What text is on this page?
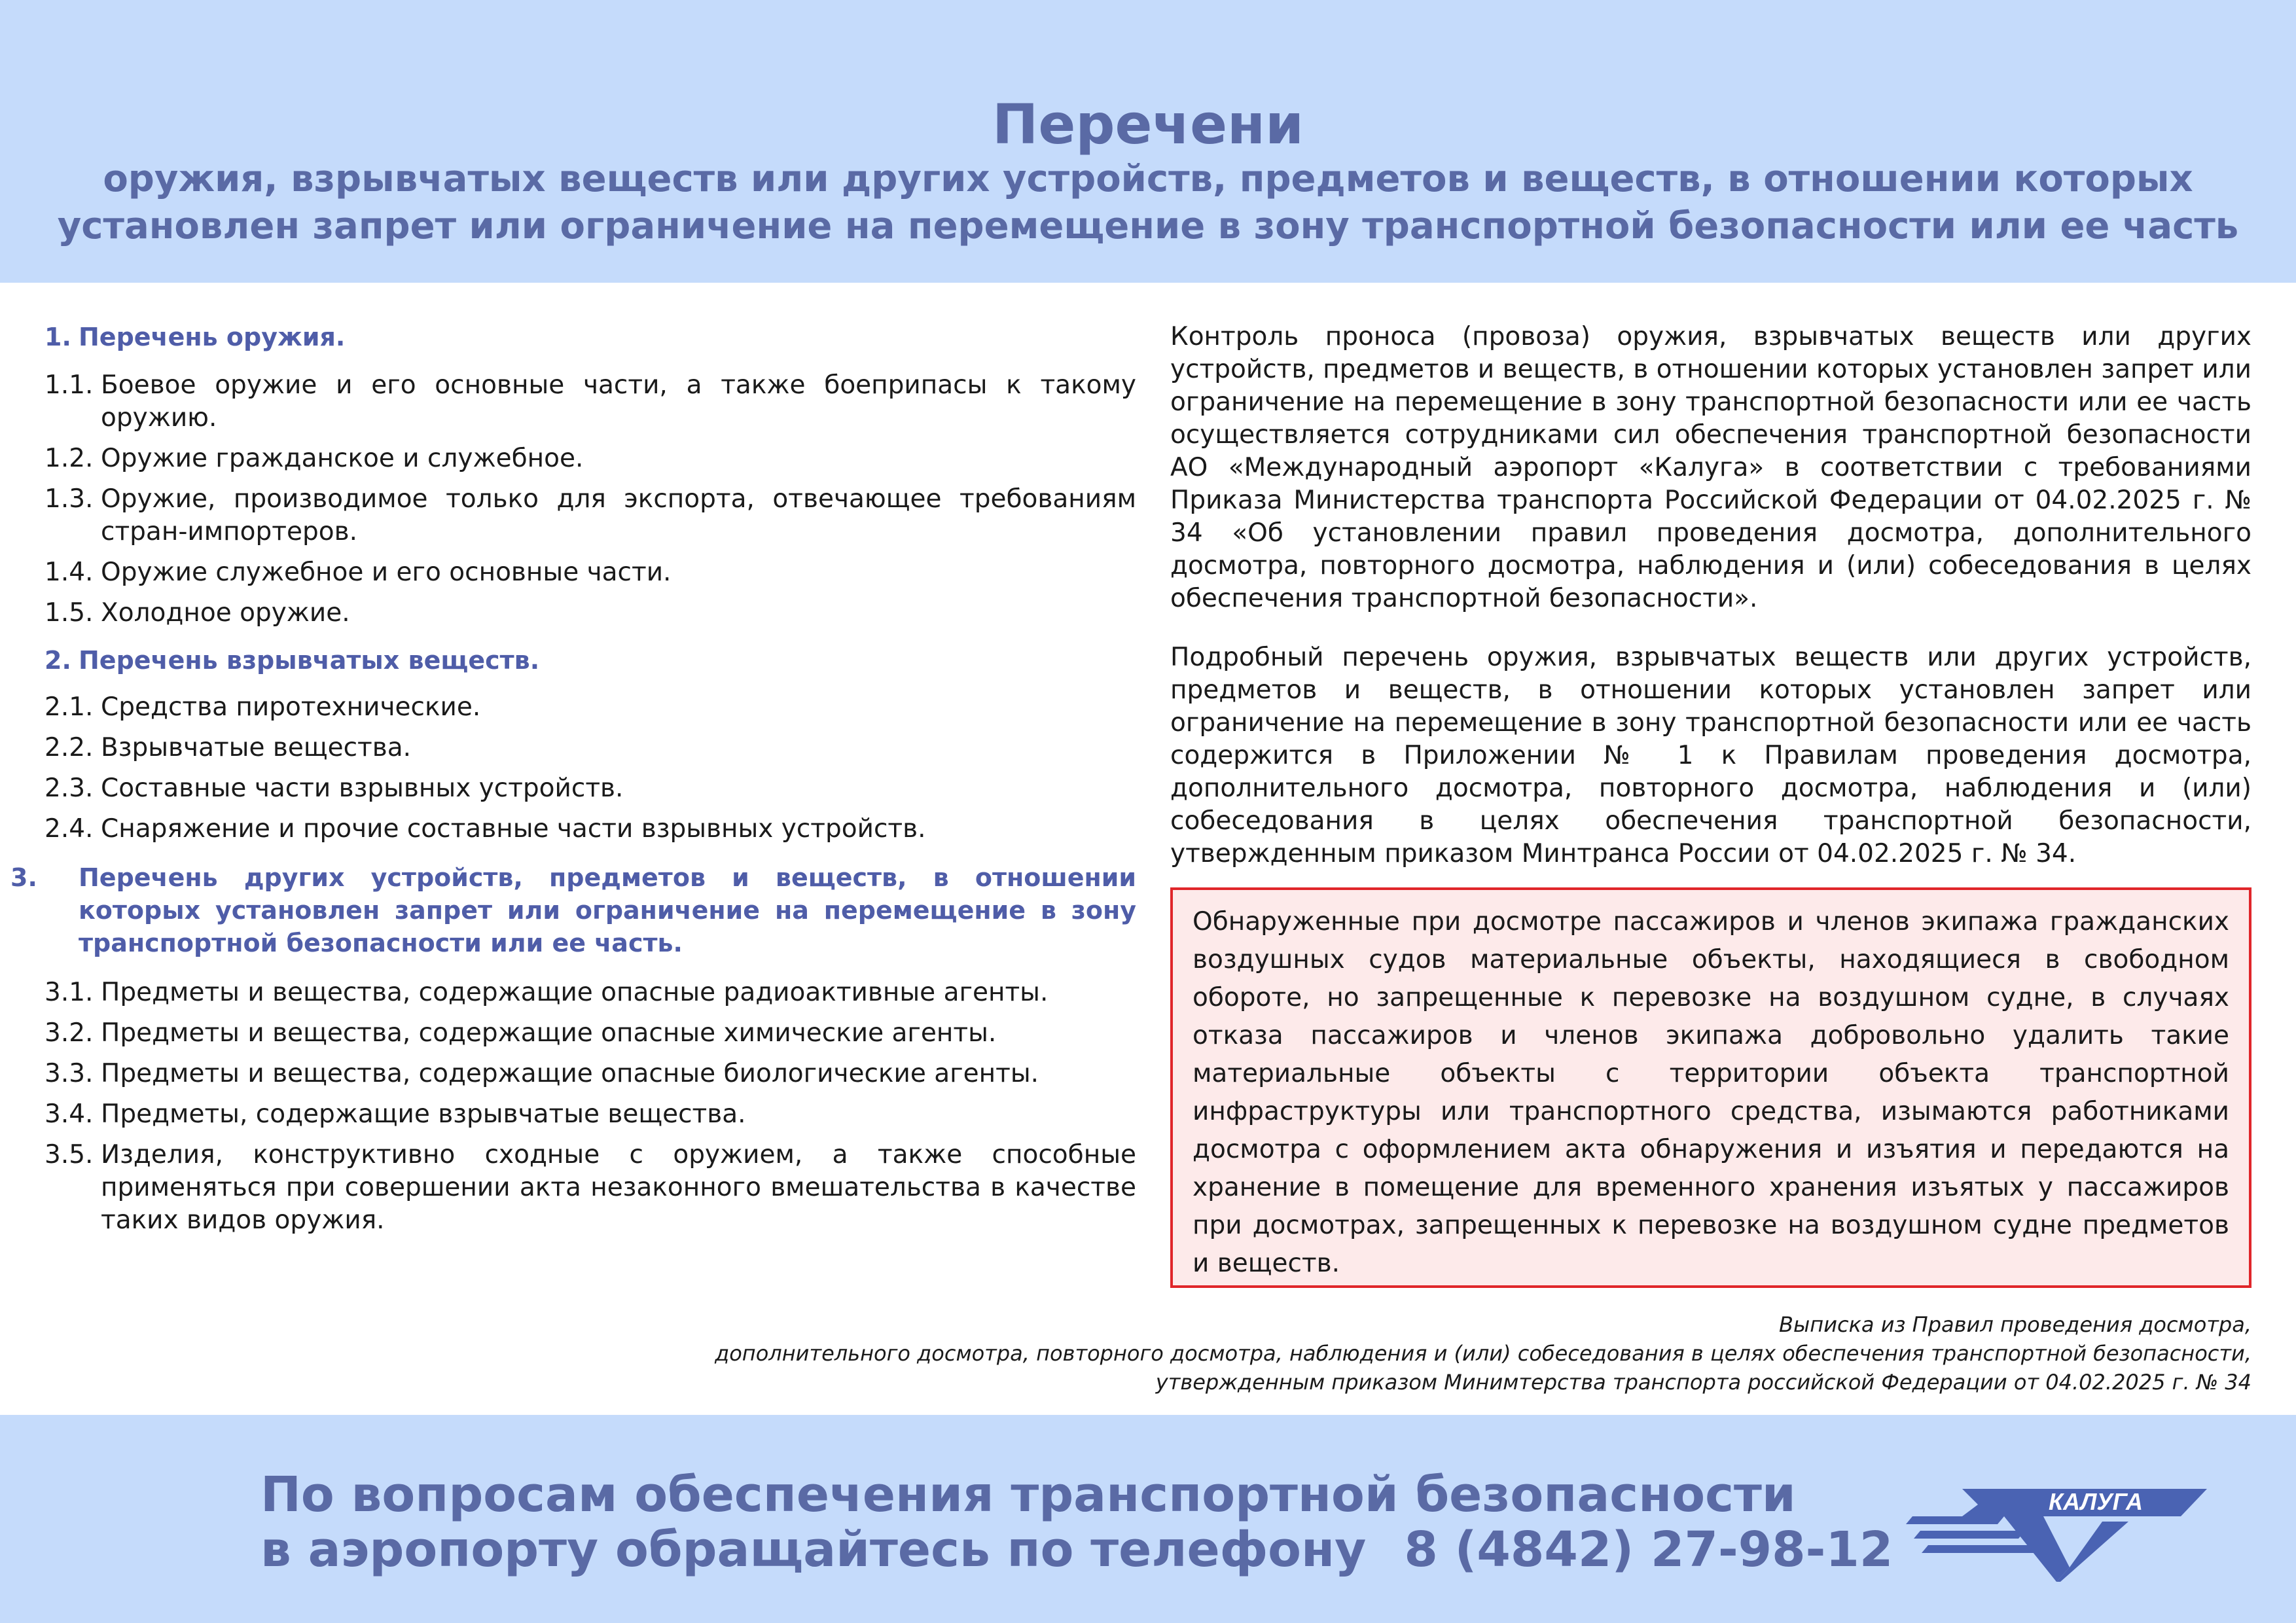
Перечени
оружия, взрывчатых веществ или других устройств, предметов и веществ, в отношении которых
установлен запрет или ограничение на перемещение в зону транспортной безопасности или ее часть

1. Перечень оружия.

1.1. Боевое оружие и его основные части, а также боеприпасы к такому оружию.
1.2. Оружие гражданское и служебное.
1.3. Оружие, производимое только для экспорта, отвечающее требованиям стран-импортеров.
1.4. Оружие служебное и его основные части.
1.5. Холодное оружие.

2. Перечень взрывчатых веществ.

2.1. Средства пиротехнические.
2.2. Взрывчатые вещества.
2.3. Составные части взрывных устройств.
2.4. Снаряжение и прочие составные части взрывных устройств.

3. Перечень других устройств, предметов и веществ, в отношении которых установлен запрет или ограничение на перемещение в зону транспортной безопасности или ее часть.

3.1. Предметы и вещества, содержащие опасные радиоактивные агенты.
3.2. Предметы и вещества, содержащие опасные химические агенты.
3.3. Предметы и вещества, содержащие опасные биологические агенты.
3.4. Предметы, содержащие взрывчатые вещества.
3.5. Изделия, конструктивно сходные с оружием, а также способные применяться при совершении акта незаконного вмешательства в качестве таких видов оружия.

Контроль проноса (провоза) оружия, взрывчатых веществ или других устройств, предметов и веществ, в отношении которых установлен запрет или ограничение на перемещение в зону транспортной безопасности или ее часть осуществляется сотрудниками сил обеспечения транспортной безопасности АО «Международный аэропорт «Калуга» в соответствии с требованиями Приказа Министерства транспорта Российской Федерации от 04.02.2025 г. № 34 «Об установлении правил проведения досмотра, дополнительного досмотра, повторного досмотра, наблюдения и (или) собеседования в целях обеспечения транспортной безопасности».

Подробный перечень оружия, взрывчатых веществ или других устройств, предметов и веществ, в отношении которых установлен запрет или ограничение на перемещение в зону транспортной безопасности или ее часть содержится в Приложении № 1 к Правилам проведения досмотра, дополнительного досмотра, повторного досмотра, наблюдения и (или) собеседования в целях обеспечения транспортной безопасности, утвержденным приказом Минтранса России от 04.02.2025 г. № 34.

Обнаруженные при досмотре пассажиров и членов экипажа гражданских воздушных судов материальные объекты, находящиеся в свободном обороте, но запрещенные к перевозке на воздушном судне, в случаях отказа пассажиров и членов экипажа добровольно удалить такие материальные объекты с территории объекта транспортной инфраструктуры или транспортного средства, изымаются работниками досмотра с оформлением акта обнаружения и изъятия и передаются на хранение в помещение для временного хранения изъятых у пассажиров при досмотрах, запрещенных к перевозке на воздушном судне предметов и веществ.

Выписка из Правил проведения досмотра,
дополнительного досмотра, повторного досмотра, наблюдения и (или) собеседования в целях обеспечения транспортной безопасности,
утвержденным приказом Минимтерства транспорта российской Федерации от 04.02.2025 г. № 34

По вопросам обеспечения транспортной безопасности
в аэропорту обращайтесь по телефону 8 (4842) 27-98-12

КАЛУГА
